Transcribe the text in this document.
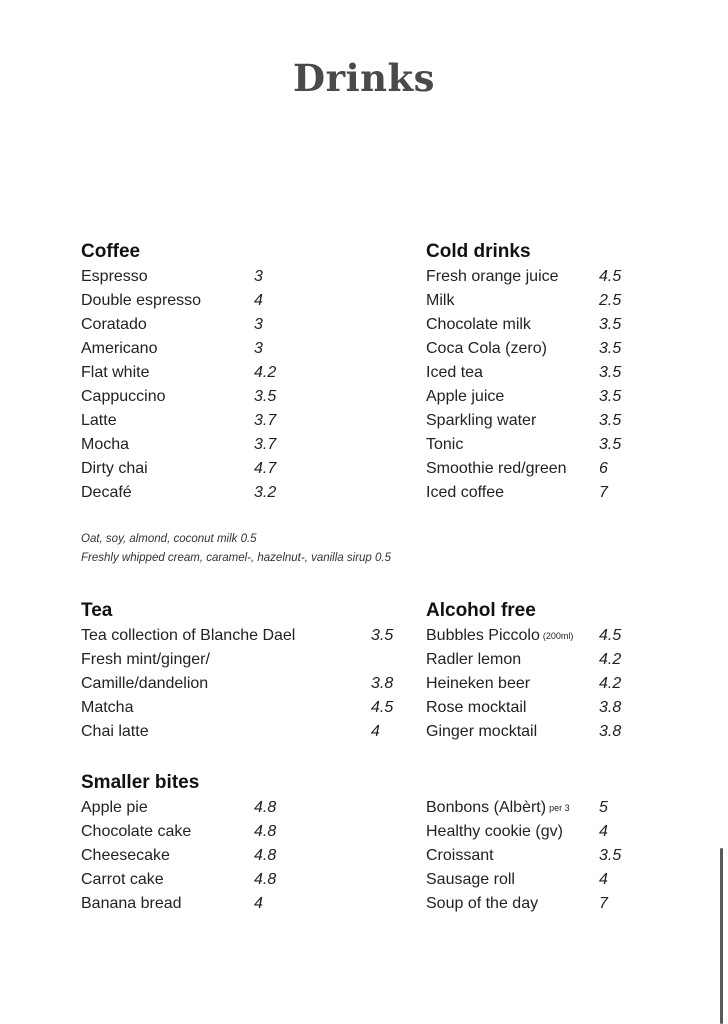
Drinks
Coffee
Espresso	3
Double espresso	4
Coratado	3
Americano	3
Flat white	4.2
Cappuccino	3.5
Latte	3.7
Mocha	3.7
Dirty chai	4.7
Decafé	3.2
Cold drinks
Fresh orange juice	4.5
Milk	2.5
Chocolate milk	3.5
Coca Cola (zero)	3.5
Iced tea	3.5
Apple juice	3.5
Sparkling water	3.5
Tonic	3.5
Smoothie red/green 6
Iced coffee	7
Oat, soy, almond, coconut milk 0.5
Freshly whipped cream, caramel-, hazelnut-, vanilla sirup 0.5
Tea
Tea collection of Blanche Dael	3.5
Fresh mint/ginger/
Camille/dandelion	3.8
Matcha	4.5
Chai latte	4
Alcohol free
Bubbles Piccolo (200ml) 4.5
Radler lemon	4.2
Heineken beer	4.2
Rose mocktail	3.8
Ginger mocktail	3.8
Smaller bites
Apple pie	4.8
Chocolate cake	4.8
Cheesecake	4.8
Carrot cake	4.8
Banana bread	4
Bonbons (Albèrt) per 3 5
Healthy cookie (gv) 4
Croissant	3.5
Sausage roll	4
Soup of the day	7
